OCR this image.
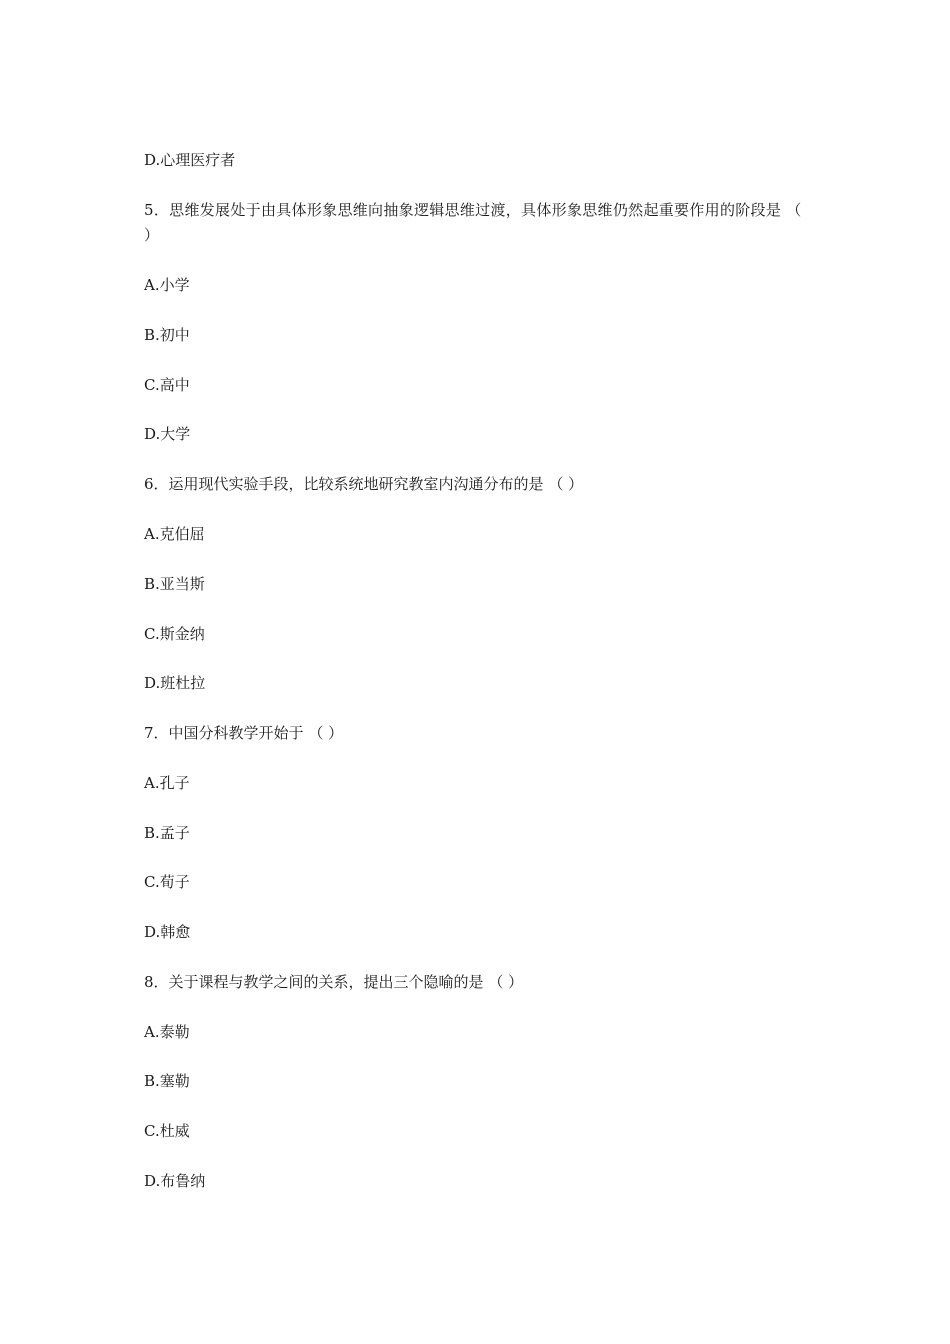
D.心理医疗者
5．思维发展处于由具体形象思维向抽象逻辑思维过渡，具体形象思维仍然起重要作用的阶段是 （ ）
A.小学
B.初中
C.高中
D.大学
6．运用现代实验手段，比较系统地研究教室内沟通分布的是 （ ）
A.克伯屈
B.亚当斯
C.斯金纳
D.班杜拉
7．中国分科教学开始于 （ ）
A.孔子
B.孟子
C.荀子
D.韩愈
8．关于课程与教学之间的关系，提出三个隐喻的是 （ ）
A.泰勒
B.塞勒
C.杜威
D.布鲁纳
